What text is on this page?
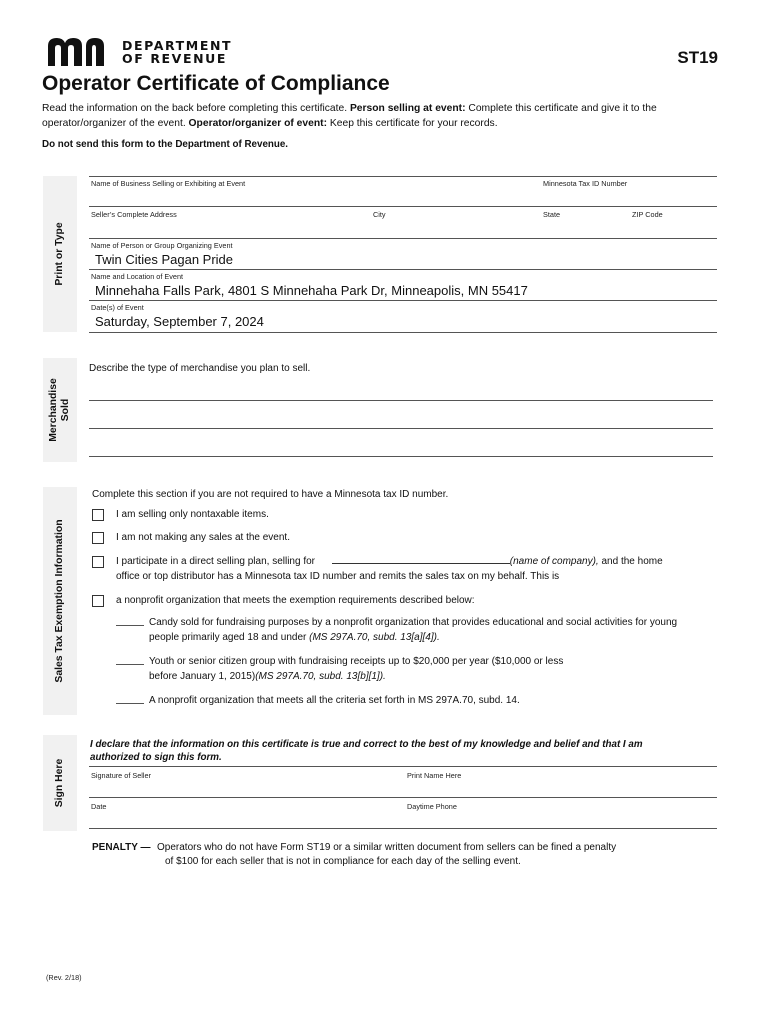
DEPARTMENT
OF REVENUE	ST19
Operator Certificate of Compliance
Read the information on the back before completing this certificate. Person selling at event: Complete this certificate and give it to the operator/organizer of the event. Operator/organizer of event: Keep this certificate for your records.
Do not send this form to the Department of Revenue.
Print or Type
Merchandise Sold
Sales Tax Exemption Information
Sign Here
Name of Business Selling or Exhibiting at Event	Minnesota Tax ID Number
Seller’s Complete Address	City	State	ZIP Code
Name of Person or Group Organizing Event
Twin Cities Pagan Pride
Name and Location of Event
Minnehaha Falls Park, 4801 S Minnehaha Park Dr, Minneapolis, MN 55417
Date(s) of Event
Saturday, September 7, 2024
Describe the type of merchandise you plan to sell.
Complete this section if you are not required to have a Minnesota tax ID number.
I am selling only nontaxable items.
I am not making any sales at the event.
I participate in a direct selling plan, selling for	(name of company), and the home
office or top distributor has a Minnesota tax ID number and remits the sales tax on my behalf. This is
a nonprofit organization that meets the exemption requirements described below:
Candy sold for fundraising purposes by a nonprofit organization that provides educational and social activities for young
people primarily aged 18 and under (MS 297A.70, subd. 13[a][4]).
Youth or senior citizen group with fundraising receipts up to $20,000 per year ($10,000 or less
before January 1, 2015)(MS 297A.70, subd. 13[b][1]).
A nonprofit organization that meets all the criteria set forth in MS 297A.70, subd. 14.
I declare that the information on this certificate is true and correct to the best of my knowledge and belief and that I am authorized to sign this form.
Signature of Seller	Print Name Here
Date	Daytime Phone
PENALTY — Operators who do not have Form ST19 or a similar written document from sellers can be fined a penalty
of $100 for each seller that is not in compliance for each day of the selling event.
(Rev. 2/18)
